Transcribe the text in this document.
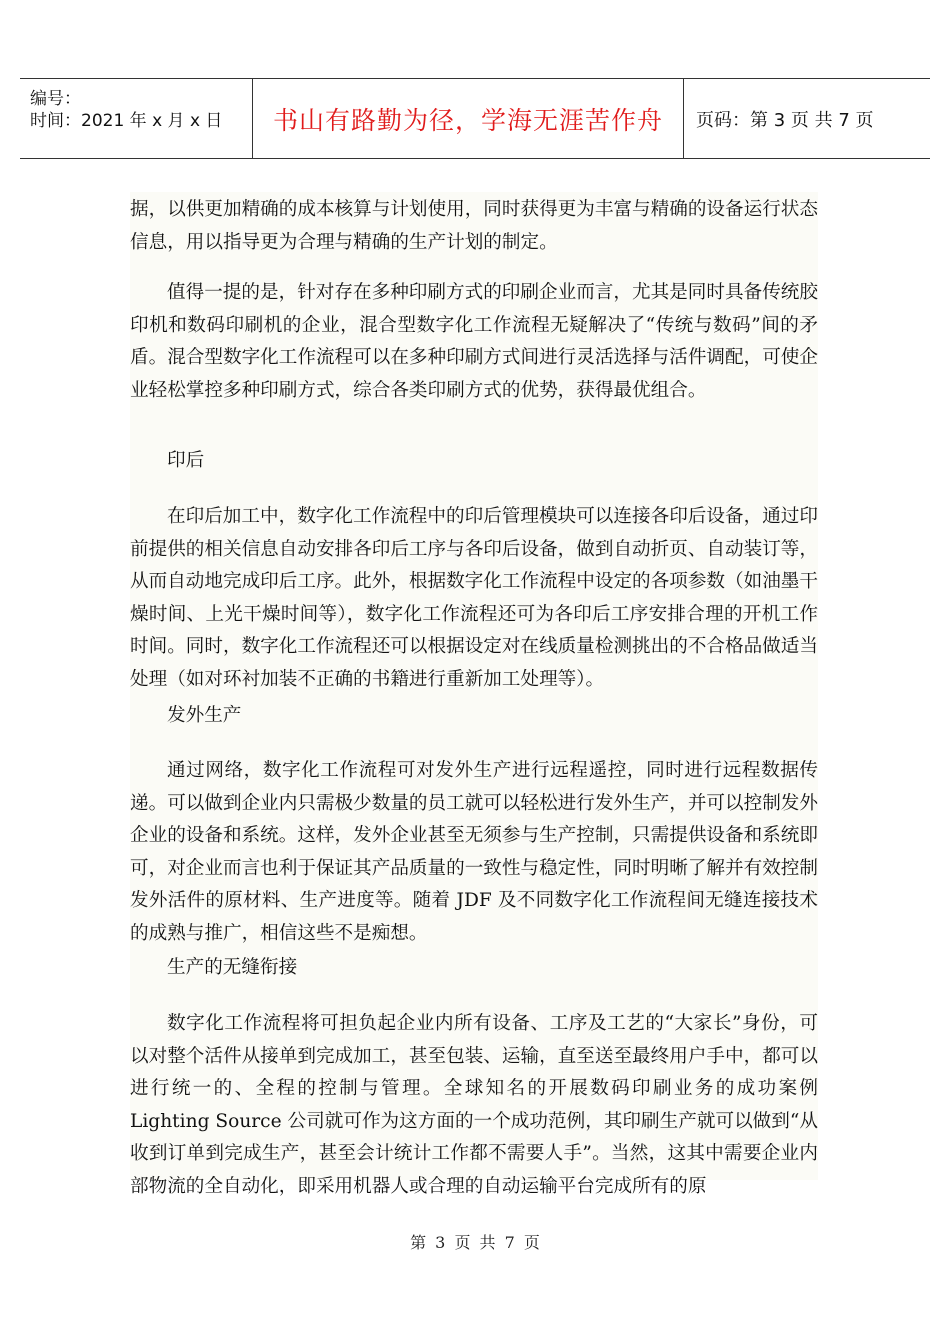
编号：
时间：2021 年 x 月 x 日 书山有路勤为径，学海无涯苦作舟 页码：第 3 页 共 7 页
据，以供更加精确的成本核算与计划使用，同时获得更为丰富与精确的设备运行状态信息，用以指导更为合理与精确的生产计划的制定。
值得一提的是，针对存在多种印刷方式的印刷企业而言，尤其是同时具备传统胶印机和数码印刷机的企业，混合型数字化工作流程无疑解决了“传统与数码”间的矛盾。混合型数字化工作流程可以在多种印刷方式间进行灵活选择与活件调配，可使企业轻松掌控多种印刷方式，综合各类印刷方式的优势，获得最优组合。
印后
在印后加工中，数字化工作流程中的印后管理模块可以连接各印后设备，通过印前提供的相关信息自动安排各印后工序与各印后设备，做到自动折页、自动装订等，从而自动地完成印后工序。此外，根据数字化工作流程中设定的各项参数（如油墨干燥时间、上光干燥时间等），数字化工作流程还可为各印后工序安排合理的开机工作时间。同时，数字化工作流程还可以根据设定对在线质量检测挑出的不合格品做适当处理（如对环衬加装不正确的书籍进行重新加工处理等）。
发外生产
通过网络，数字化工作流程可对发外生产进行远程遥控，同时进行远程数据传递。可以做到企业内只需极少数量的员工就可以轻松进行发外生产，并可以控制发外企业的设备和系统。这样，发外企业甚至无须参与生产控制，只需提供设备和系统即可，对企业而言也利于保证其产品质量的一致性与稳定性，同时明晰了解并有效控制发外活件的原材料、生产进度等。随着 JDF 及不同数字化工作流程间无缝连接技术的成熟与推广，相信这些不是痴想。
生产的无缝衔接
数字化工作流程将可担负起企业内所有设备、工序及工艺的“大家长”身份，可以对整个活件从接单到完成加工，甚至包装、运输，直至送至最终用户手中，都可以进行统一的、全程的控制与管理。全球知名的开展数码印刷业务的成功案例 Lighting Source 公司就可作为这方面的一个成功范例，其印刷生产就可以做到“从收到订单到完成生产，甚至会计统计工作都不需要人手”。当然，这其中需要企业内部物流的全自动化，即采用机器人或合理的自动运输平台完成所有的原
第 3 页 共 7 页
